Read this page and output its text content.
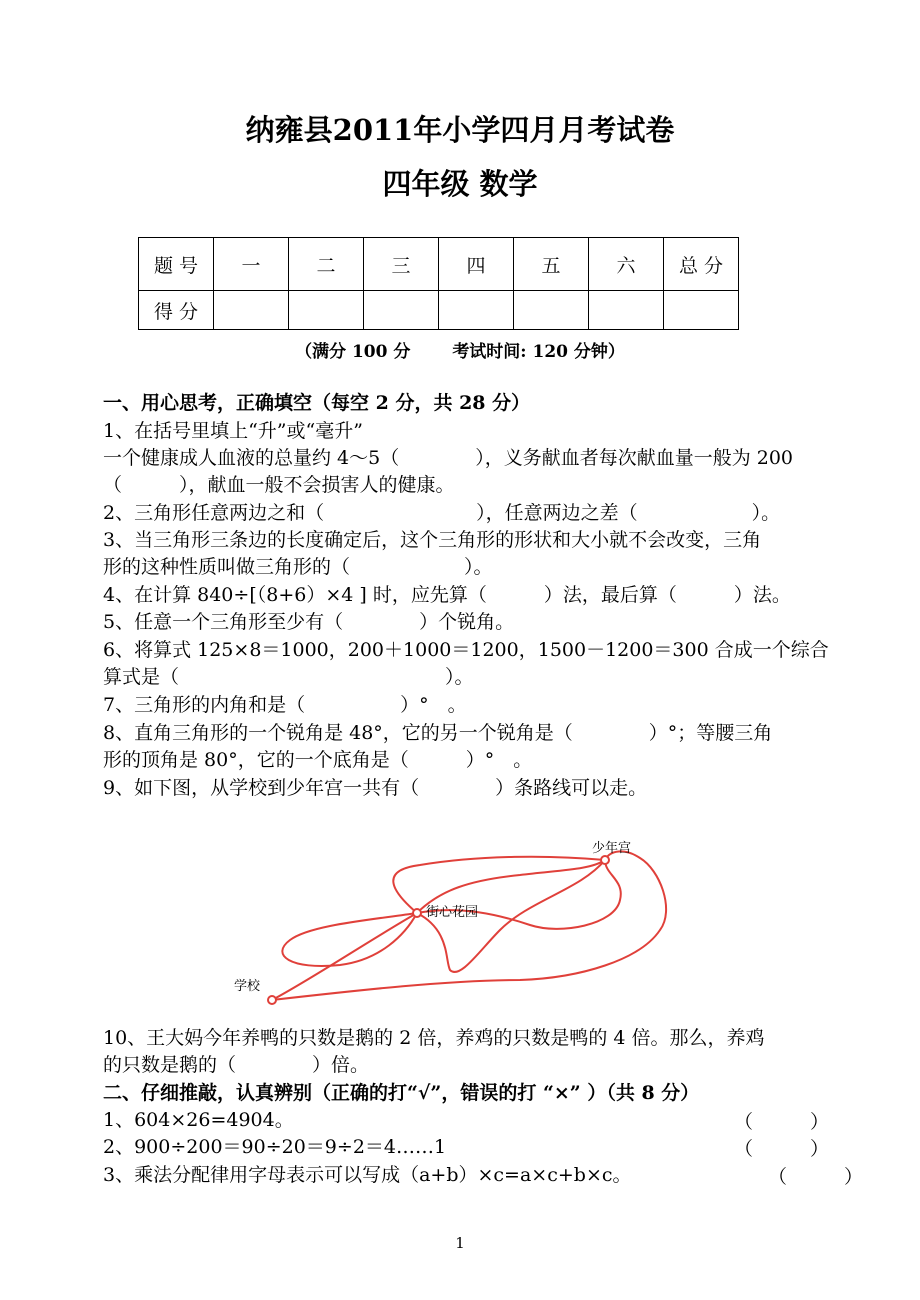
纳雍县2011年小学四月月考试卷
四年级 数学
题 号	一	二	三	四	五	六	总 分
得 分							
（满分 100 分 考试时间: 120 分钟）
一、用心思考，正确填空（每空 2 分，共 28 分）
1、在括号里填上“升”或“毫升”
一个健康成人血液的总量约 4～5（　　　　），义务献血者每次献血量一般为 200
（　　　），献血一般不会损害人的健康。
2、三角形任意两边之和（　　　　　　　　），任意两边之差（　　　　　　）。
3、当三角形三条边的长度确定后，这个三角形的形状和大小就不会改变，三角
形的这种性质叫做三角形的（　　　　　　）。
4、在计算 840÷[（8+6）×4 ] 时，应先算（　　　）法，最后算（　　　）法。
5、任意一个三角形至少有（　　　　）个锐角。
6、将算式 125×8＝1000，200＋1000＝1200，1500－1200＝300 合成一个综合
算式是（　　　　　　　　　　　　　　）。
7、三角形的内角和是（　　　　　）°　。
8、直角三角形的一个锐角是 48°，它的另一个锐角是（　　　　）°；等腰三角
形的顶角是 80°，它的一个底角是（　　　）°　。
9、如下图，从学校到少年宫一共有（　　　　）条路线可以走。
学校
街心花园
少年宫
10、王大妈今年养鸭的只数是鹅的 2 倍，养鸡的只数是鸭的 4 倍。那么，养鸡
的只数是鹅的（　　　　）倍。
二、仔细推敲，认真辨别（正确的打“√”，错误的打 “×” ）（共 8 分）
1、604×26=4904。	（　　　）
2、900÷200＝90÷20＝9÷2＝4……1	（　　　）
3、乘法分配律用字母表示可以写成（a+b）×c=a×c+b×c。	（　　　）
1
